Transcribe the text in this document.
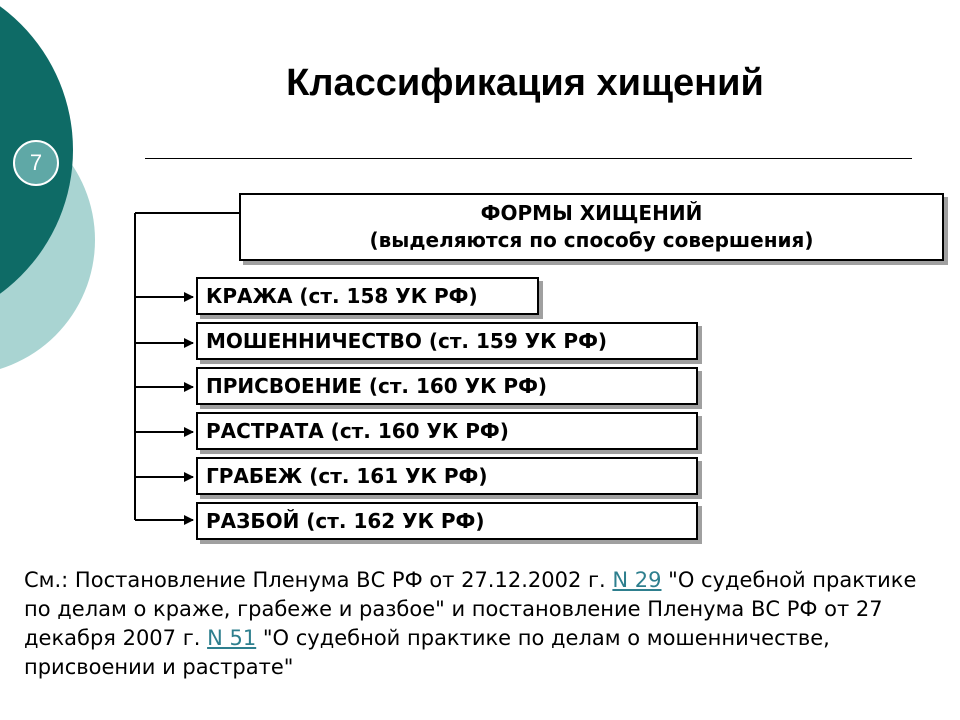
7
Классификация хищений
ФОРМЫ ХИЩЕНИЙ
(выделяются по способу совершения)
КРАЖА (ст. 158 УК РФ)
МОШЕННИЧЕСТВО (ст. 159 УК РФ)
ПРИСВОЕНИЕ (ст. 160 УК РФ)
РАСТРАТА (ст. 160 УК РФ)
ГРАБЕЖ (ст. 161 УК РФ)
РАЗБОЙ (ст. 162 УК РФ)

См.: Постановление Пленума ВС РФ от 27.12.2002 г. N 29 "О судебной практике по делам о краже, грабеже и разбое" и постановление Пленума ВС РФ от 27 декабря 2007 г. N 51 "О судебной практике по делам о мошенничестве, присвоении и растрате"
